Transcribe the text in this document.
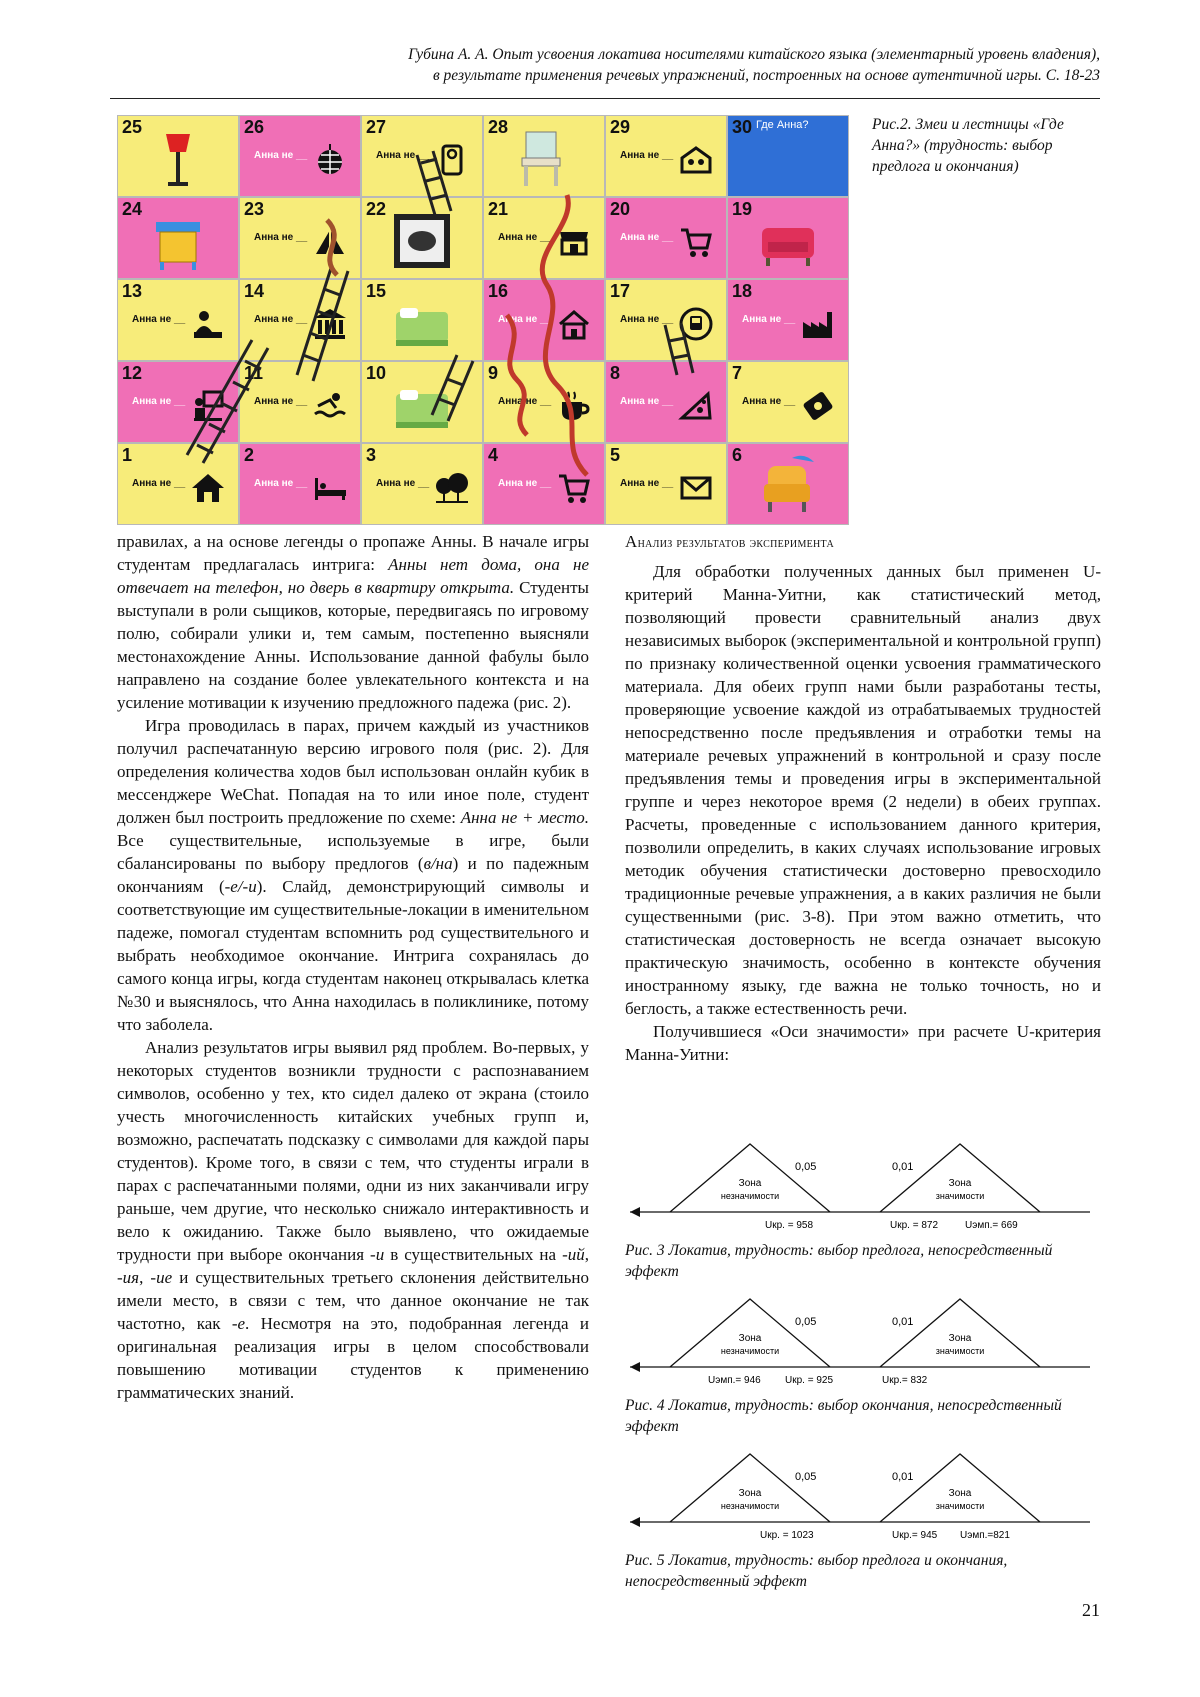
Губина А. А. Опыт усвоения локатива носителями китайского языка (элементарный уровень владения),
в результате применения речевых упражнений, построенных на основе аутентичной игры. С. 18-23
25	26
Анна не __
27
Анна не __
28	29
Анна не __
30 Где Анна?
24	23
Анна не __
22	21
Анна не __
20
Анна не __
19
13
Анна не __
14
Анна не __
15	16
Анна не __
17
Анна не __
18
Анна не __
12
Анна не __
11
Анна не __
10	9
Анна не __
8
Анна не __
7
Анна не __
1
Анна не __
2
Анна не __
3
Анна не __
4
Анна не __
5
Анна не __
6
Рис.2. Змеи и лестницы «Где Анна?» (трудность: выбор предлога и окончания)

правилах, а на основе легенды о пропаже Анны. В начале игры студентам предлагалась интрига: Анны нет дома, она не отвечает на телефон, но дверь в квартиру открыта. Студенты выступали в роли сыщиков, которые, передвигаясь по игровому полю, собирали улики и, тем самым, постепенно выясняли местонахождение Анны. Использование данной фабулы было направлено на создание более увлекательного контекста и на усиление мотивации к изучению предложного падежа (рис. 2).

Игра проводилась в парах, причем каждый из участников получил распечатанную версию игрового поля (рис. 2). Для определения количества ходов был использован онлайн кубик в мессенджере WeChat. Попадая на то или иное поле, студент должен был построить предложение по схеме: Анна не + место. Все существительные, используемые в игре, были сбалансированы по выбору предлогов (в/на) и по падежным окончаниям (-е/-и). Слайд, демонстрирующий символы и соответствующие им существительные-локации в именительном падеже, помогал студентам вспомнить род существительного и выбрать необходимое окончание. Интрига сохранялась до самого конца игры, когда студентам наконец открывалась клетка №30 и выяснялось, что Анна находилась в поликлинике, потому что заболела.

Анализ результатов игры выявил ряд проблем. Во-первых, у некоторых студентов возникли трудности с распознаванием символов, особенно у тех, кто сидел далеко от экрана (стоило учесть многочисленность китайских учебных групп и, возможно, распечатать подсказку с символами для каждой пары студентов). Кроме того, в связи с тем, что студенты играли в парах с распечатанными полями, одни из них заканчивали игру раньше, чем другие, что несколько снижало интерактивность и вело к ожиданию. Также было выявлено, что ожидаемые трудности при выборе окончания -и в существительных на -ий, -ия, -ие и существительных третьего склонения действительно имели место, в связи с тем, что данное окончание не так частотно, как -е. Несмотря на это, подобранная легенда и оригинальная реализация игры в целом способствовали повышению мотивации студентов к применению грамматических знаний.

Анализ результатов эксперимента

Для обработки полученных данных был применен U-критерий Манна-Уитни, как статистический метод, позволяющий провести сравнительный анализ двух независимых выборок (экспериментальной и контрольной групп) по признаку количественной оценки усвоения грамматического материала. Для обеих групп нами были разработаны тесты, проверяющие усвоение каждой из отрабатываемых трудностей непосредственно после предъявления и отработки темы на материале речевых упражнений в контрольной и сразу после предъявления темы и проведения игры в экспериментальной группе и через некоторое время (2 недели) в обеих группах. Расчеты, проведенные с использованием данного критерия, позволили определить, в каких случаях использование игровых методик обучения статистически достоверно превосходило традиционные речевые упражнения, а в каких различия не были существенными (рис. 3-8). При этом важно отметить, что статистическая достоверность не всегда означает высокую практическую значимость, особенно в контексте обучения иностранному языку, где важна не только точность, но и беглость, а также естественность речи.

Получившиеся «Оси значимости» при расчете U-критерия Манна-Уитни:

Зона
незначимости
Зона
значимости
0,05	0,01
Uкр. = 958	Uкр. = 872	Uэмп.= 669
Рис. 3 Локатив, трудность: выбор предлога, непосредственный эффект
Зона
незначимости
Зона
значимости
0,05	0,01
Uэмп.= 946 Uкр. = 925	Uкр.= 832
Рис. 4 Локатив, трудность: выбор окончания, непосредственный эффект
Зона
незначимости
Зона
значимости
0,05	0,01
Uкр. = 1023	Uкр.= 945 Uэмп.=821
Рис. 5 Локатив, трудность: выбор предлога и окончания, непосредственный эффект
21
